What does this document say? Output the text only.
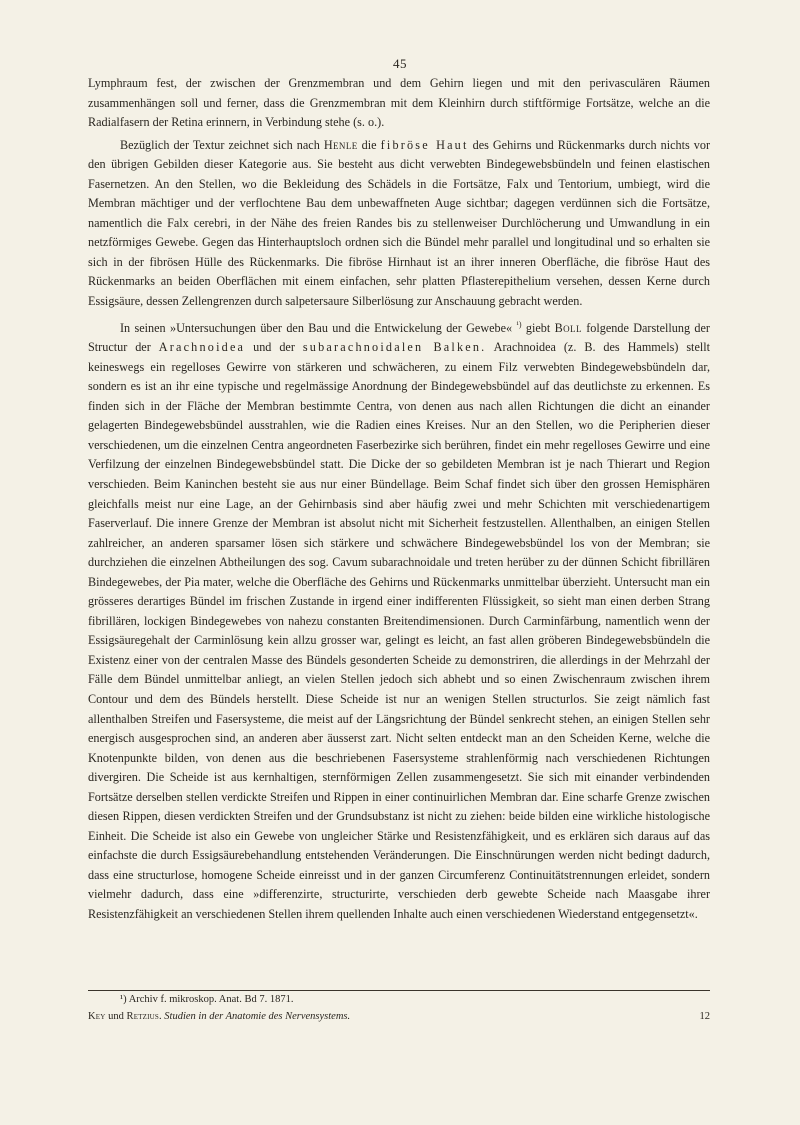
45

Lymphraum fest, der zwischen der Grenzmembran und dem Gehirn liegen und mit den perivasculären Räumen zusammenhängen soll und ferner, dass die Grenzmembran mit dem Kleinhirn durch stiftförmige Fortsätze, welche an die Radialfasern der Retina erinnern, in Verbindung stehe (s. o.).

Bezüglich der Textur zeichnet sich nach Henle die fibröse Haut des Gehirns und Rückenmarks durch nichts vor den übrigen Gebilden dieser Kategorie aus. Sie besteht aus dicht verwebten Bindegewebsbündeln und feinen elastischen Fasernetzen. An den Stellen, wo die Bekleidung des Schädels in die Fortsätze, Falx und Tentorium, umbiegt, wird die Membran mächtiger und der verflochtene Bau dem unbewaffneten Auge sichtbar; dagegen verdünnen sich die Fortsätze, namentlich die Falx cerebri, in der Nähe des freien Randes bis zu stellenweiser Durchlöcherung und Umwandlung in ein netzförmiges Gewebe. Gegen das Hinterhauptsloch ordnen sich die Bündel mehr parallel und longitudinal und so erhalten sie sich in der fibrösen Hülle des Rückenmarks. Die fibröse Hirnhaut ist an ihrer inneren Oberfläche, die fibröse Haut des Rückenmarks an beiden Oberflächen mit einem einfachen, sehr platten Pflasterepithelium versehen, dessen Kerne durch Essigsäure, dessen Zellengrenzen durch salpetersaure Silberlösung zur Anschauung gebracht werden.

In seinen »Untersuchungen über den Bau und die Entwickelung der Gewebe« $^{^1)}$ giebt Boll folgende Darstellung der Structur der Arachnoidea und der subarachnoidalen Balken. Arachnoidea (z. B. des Hammels) stellt keineswegs ein regelloses Gewirre von stärkeren und schwächeren, zu einem Filz verwebten Bindegewebsbündeln dar, sondern es ist an ihr eine typische und regelmässige Anordnung der Bindegewebsbündel auf das deutlichste zu erkennen. Es finden sich in der Fläche der Membran bestimmte Centra, von denen aus nach allen Richtungen die dicht an einander gelagerten Bindegewebsbündel ausstrahlen, wie die Radien eines Kreises. Nur an den Stellen, wo die Peripherien dieser verschiedenen, um die einzelnen Centra angeordneten Faserbezirke sich berühren, findet ein mehr regelloses Gewirre und eine Verfilzung der einzelnen Bindegewebsbündel statt. Die Dicke der so gebildeten Membran ist je nach Thierart und Region verschieden. Beim Kaninchen besteht sie aus nur einer Bündellage. Beim Schaf findet sich über den grossen Hemisphären gleichfalls meist nur eine Lage, an der Gehirnbasis sind aber häufig zwei und mehr Schichten mit verschiedenartigem Faserverlauf. Die innere Grenze der Membran ist absolut nicht mit Sicherheit festzustellen. Allenthalben, an einigen Stellen zahlreicher, an anderen sparsamer lösen sich stärkere und schwächere Bindegewebsbündel los von der Membran; sie durchziehen die einzelnen Abtheilungen des sog. Cavum subarachnoidale und treten herüber zu der dünnen Schicht fibrillären Bindegewebes, der Pia mater, welche die Oberfläche des Gehirns und Rückenmarks unmittelbar überzieht. Untersucht man ein grösseres derartiges Bündel im frischen Zustande in irgend einer indifferenten Flüssigkeit, so sieht man einen derben Strang fibrillären, lockigen Bindegewebes von nahezu constanten Breitendimensionen. Durch Carminfärbung, namentlich wenn der Essigsäuregehalt der Carminlösung kein allzu grosser war, gelingt es leicht, an fast allen gröberen Bindegewebsbündeln die Existenz einer von der centralen Masse des Bündels gesonderten Scheide zu demonstriren, die allerdings in der Mehrzahl der Fälle dem Bündel unmittelbar anliegt, an vielen Stellen jedoch sich abhebt und so einen Zwischenraum zwischen ihrem Contour und dem des Bündels herstellt. Diese Scheide ist nur an wenigen Stellen structurlos. Sie zeigt nämlich fast allenthalben Streifen und Fasersysteme, die meist auf der Längsrichtung der Bündel senkrecht stehen, an einigen Stellen sehr energisch ausgesprochen sind, an anderen aber äusserst zart. Nicht selten entdeckt man an den Scheiden Kerne, welche die Knotenpunkte bilden, von denen aus die beschriebenen Fasersysteme strahlenförmig nach verschiedenen Richtungen divergiren. Die Scheide ist aus kernhaltigen, sternförmigen Zellen zusammengesetzt. Sie sich mit einander verbindenden Fortsätze derselben stellen verdickte Streifen und Rippen in einer continuirlichen Membran dar. Eine scharfe Grenze zwischen diesen Rippen, diesen verdickten Streifen und der Grundsubstanz ist nicht zu ziehen: beide bilden eine wirkliche histologische Einheit. Die Scheide ist also ein Gewebe von ungleicher Stärke und Resistenzfähigkeit, und es erklären sich daraus auf das einfachste die durch Essigsäurebehandlung entstehenden Veränderungen. Die Einschnürungen werden nicht bedingt dadurch, dass eine structurlose, homogene Scheide einreisst und in der ganzen Circumferenz Continuitätstrennungen erleidet, sondern vielmehr dadurch, dass eine »differenzirte, structurirte, verschieden derb gewebte Scheide nach Maasgabe ihrer Resistenzfähigkeit an verschiedenen Stellen ihrem quellenden Inhalte auch einen verschiedenen Wiederstand entgegensetzt«.

¹) Archiv f. mikroskop. Anat. Bd 7. 1871.
Key und Retzius. Studien in der Anatomie des Nervensystems.	12
